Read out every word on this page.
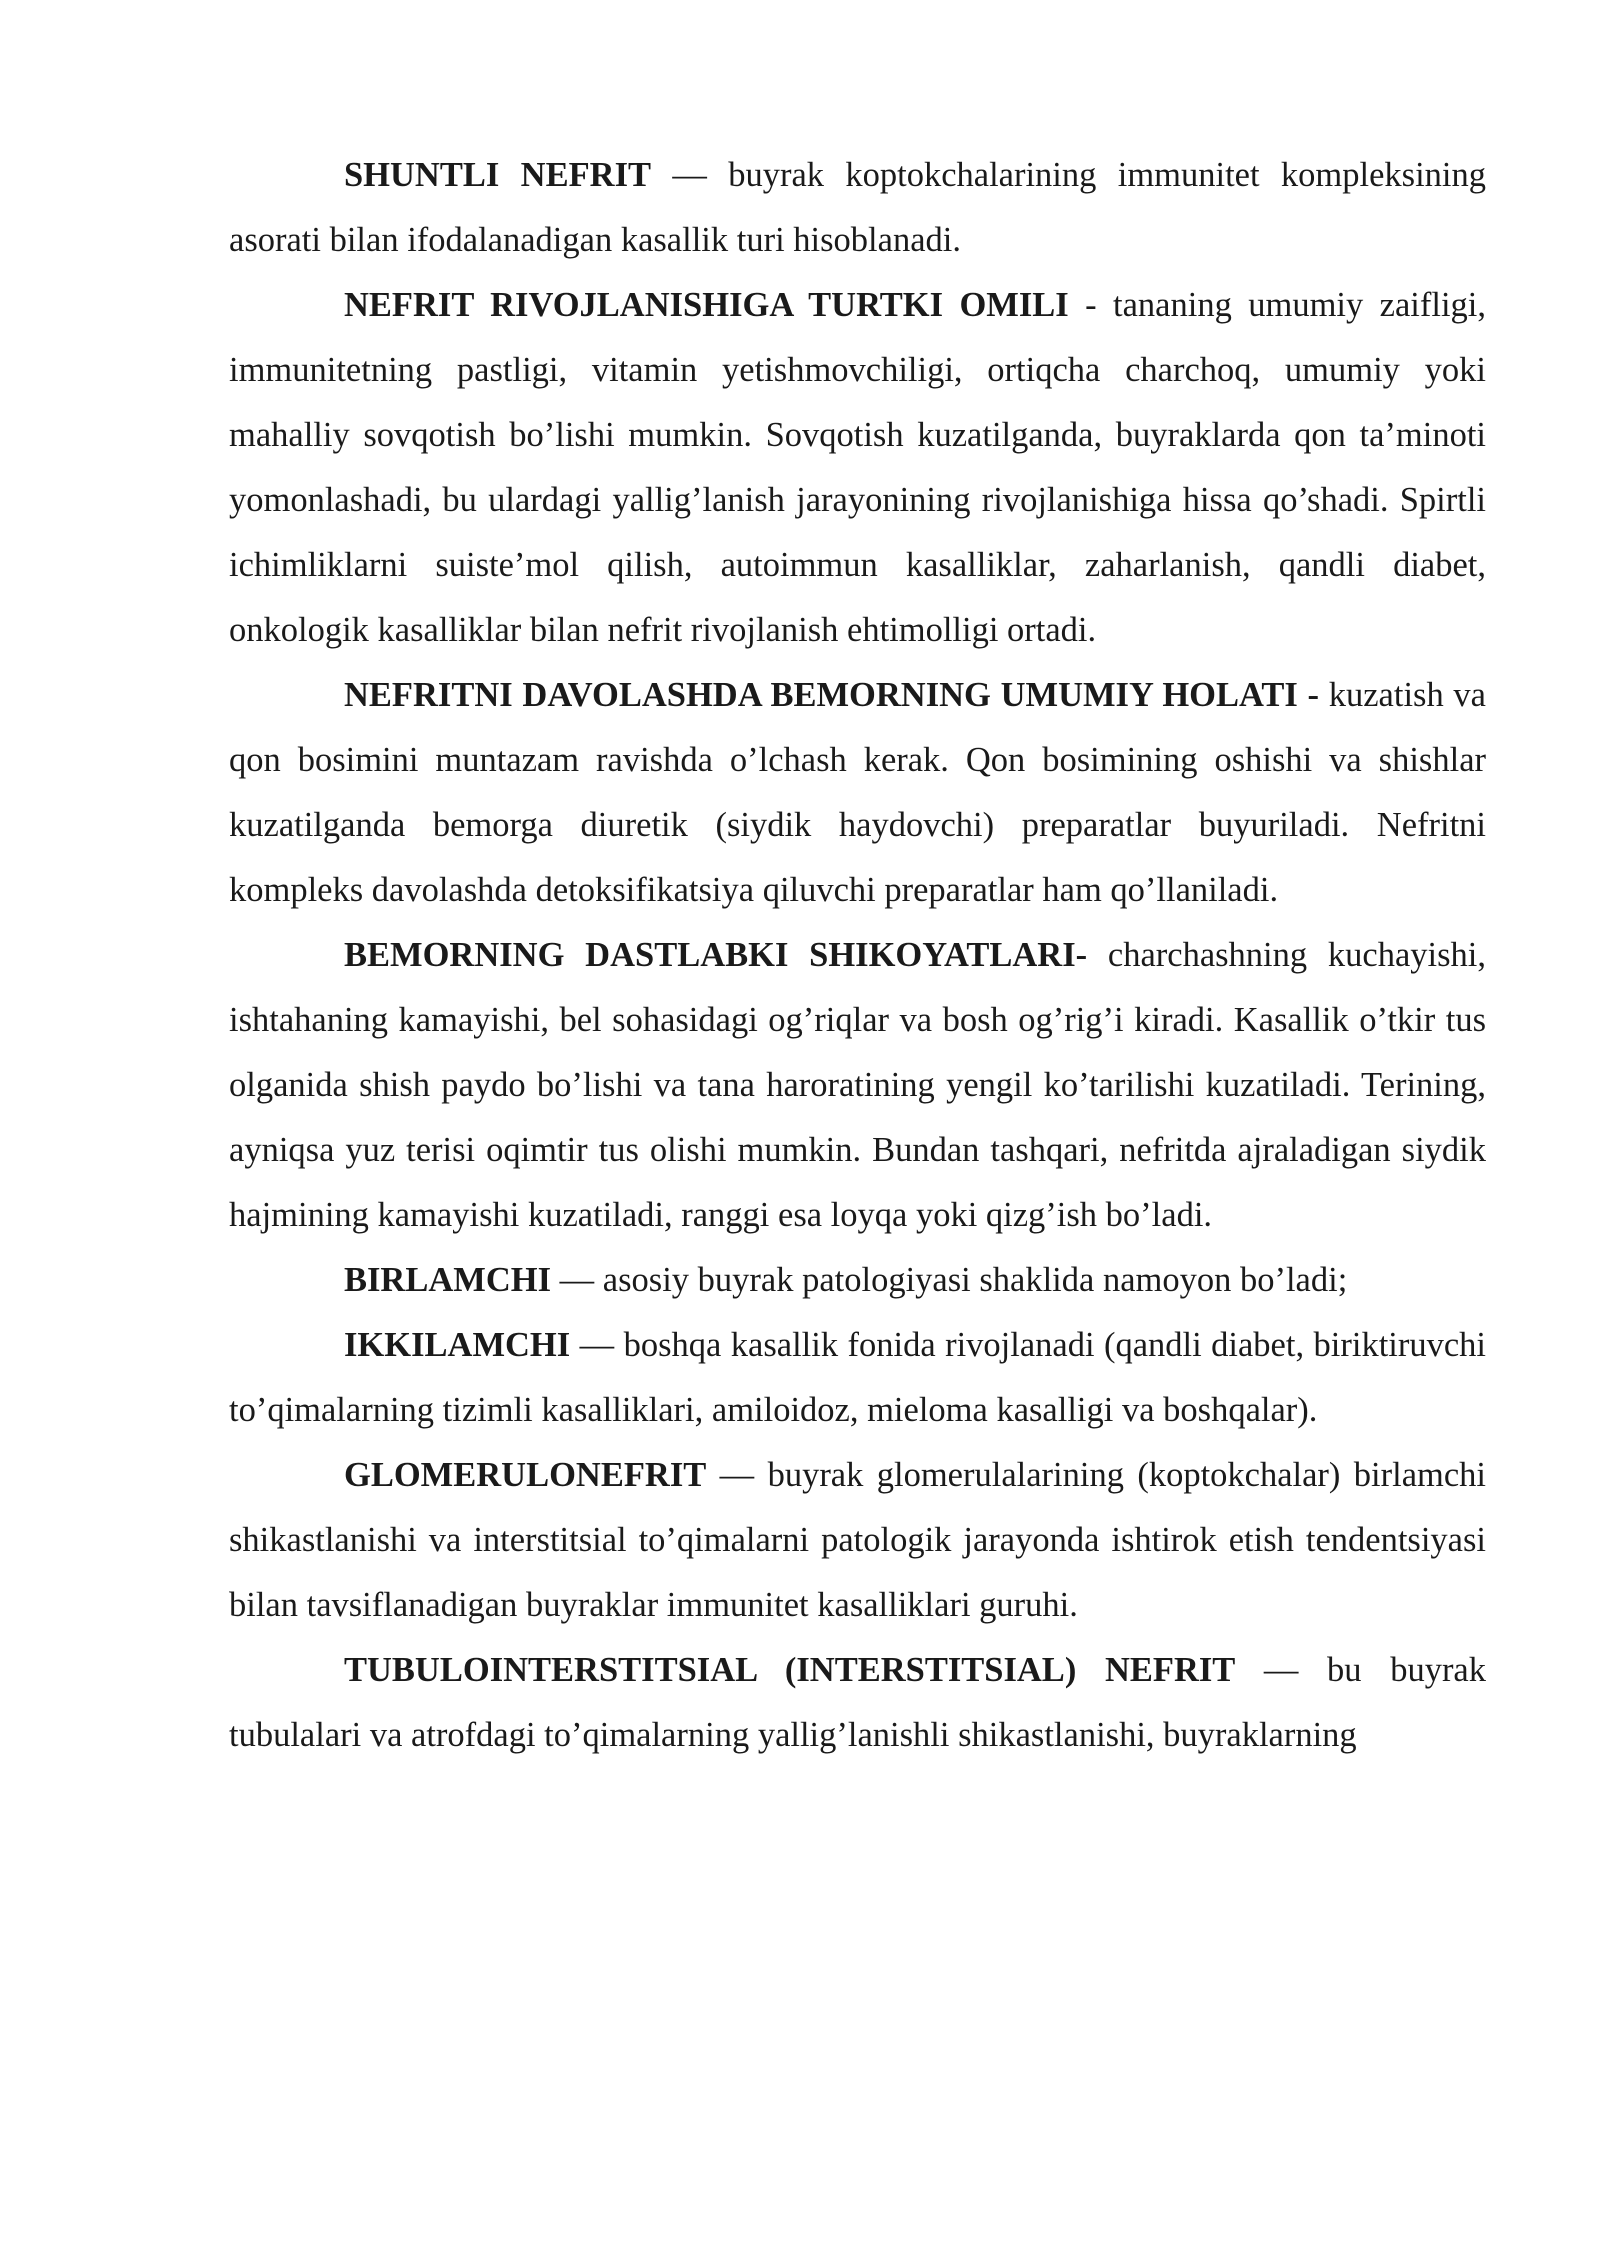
SHUNTLI NEFRIT — buyrak koptokchalarining immunitet kompleksining asorati bilan ifodalanadigan kasallik turi hisoblanadi.

NEFRIT RIVOJLANISHIGA TURTKI OMILI - tananing umumiy zaifligi, immunitetning pastligi, vitamin yetishmovchiligi, ortiqcha charchoq, umumiy yoki mahalliy sovqotish bo’lishi mumkin. Sovqotish kuzatilganda, buyraklarda qon ta’minoti yomonlashadi, bu ulardagi yallig’lanish jarayonining rivojlanishiga hissa qo’shadi. Spirtli ichimliklarni suiste’mol qilish, autoimmun kasalliklar, zaharlanish, qandli diabet, onkologik kasalliklar bilan nefrit rivojlanish ehtimolligi ortadi.

NEFRITNI DAVOLASHDA BEMORNING UMUMIY HOLATI - kuzatish va qon bosimini muntazam ravishda o’lchash kerak. Qon bosimining oshishi va shishlar kuzatilganda bemorga diuretik (siydik haydovchi) preparatlar buyuriladi. Nefritni kompleks davolashda detoksifikatsiya qiluvchi preparatlar ham qo’llaniladi.

BEMORNING DASTLABKI SHIKOYATLARI- charchashning kuchayishi, ishtahaning kamayishi, bel sohasidagi og’riqlar va bosh og’rig’i kiradi. Kasallik o’tkir tus olganida shish paydo bo’lishi va tana haroratining yengil ko’tarilishi kuzatiladi. Terining, ayniqsa yuz terisi oqimtir tus olishi mumkin. Bundan tashqari, nefritda ajraladigan siydik hajmining kamayishi kuzatiladi, ranggi esa loyqa yoki qizg’ish bo’ladi.

BIRLAMCHI — asosiy buyrak patologiyasi shaklida namoyon bo’ladi;

IKKILAMCHI — boshqa kasallik fonida rivojlanadi (qandli diabet, biriktiruvchi to’qimalarning tizimli kasalliklari, amiloidoz, mieloma kasalligi va boshqalar).

GLOMERULONEFRIT — buyrak glomerulalarining (koptokchalar) birlamchi shikastlanishi va interstitsial to’qimalarni patologik jarayonda ishtirok etish tendentsiyasi bilan tavsiflanadigan buyraklar immunitet kasalliklari guruhi.

TUBULOINTERSTITSIAL (INTERSTITSIAL) NEFRIT — bu buyrak tubulalari va atrofdagi to’qimalarning yallig’lanishli shikastlanishi, buyraklarning
